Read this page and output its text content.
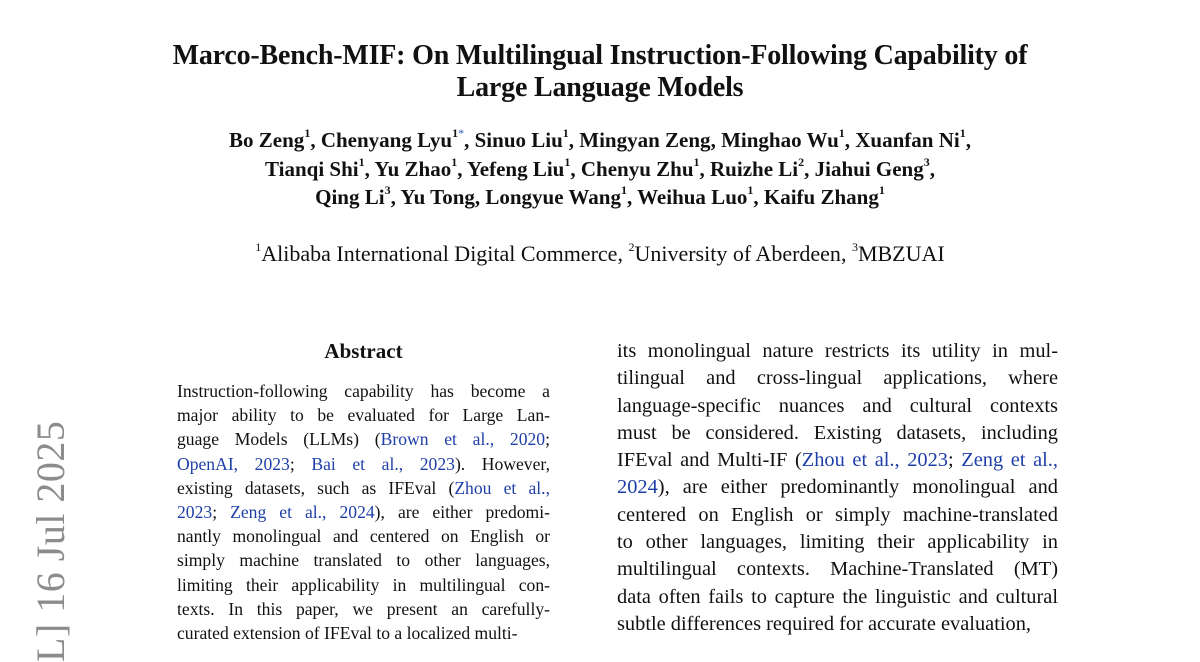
Marco-Bench-MIF: On Multilingual Instruction-Following Capability of
Large Language Models
Bo Zeng$^1$, Chenyang Lyu$^{1*}$, Sinuo Liu$^1$, Mingyan Zeng, Minghao Wu$^1$, Xuanfan Ni$^1$,
Tianqi Shi$^1$, Yu Zhao$^1$, Yefeng Liu$^1$, Chenyu Zhu$^1$, Ruizhe Li$^2$, Jiahui Geng$^3$,
Qing Li$^3$, Yu Tong, Longyue Wang$^1$, Weihua Luo$^1$, Kaifu Zhang$^1$
$^1$Alibaba International Digital Commerce, $^2$University of Aberdeen, $^3$MBZUAI
L] 16 Jul 2025
Abstract
Instruction-following capability has become a
major ability to be evaluated for Large Lan-
guage Models (LLMs) (Brown et al., 2020;
OpenAI, 2023; Bai et al., 2023). However,
existing datasets, such as IFEval (Zhou et al.,
2023; Zeng et al., 2024), are either predomi-
nantly monolingual and centered on English or
simply machine translated to other languages,
limiting their applicability in multilingual con-
texts. In this paper, we present an carefully-
curated extension of IFEval to a localized multi-
its monolingual nature restricts its utility in mul-
tilingual and cross-lingual applications, where
language-specific nuances and cultural contexts
must be considered. Existing datasets, including
IFEval and Multi-IF (Zhou et al., 2023; Zeng et al.,
2024), are either predominantly monolingual and
centered on English or simply machine-translated
to other languages, limiting their applicability in
multilingual contexts. Machine-Translated (MT)
data often fails to capture the linguistic and cultural
subtle differences required for accurate evaluation,
